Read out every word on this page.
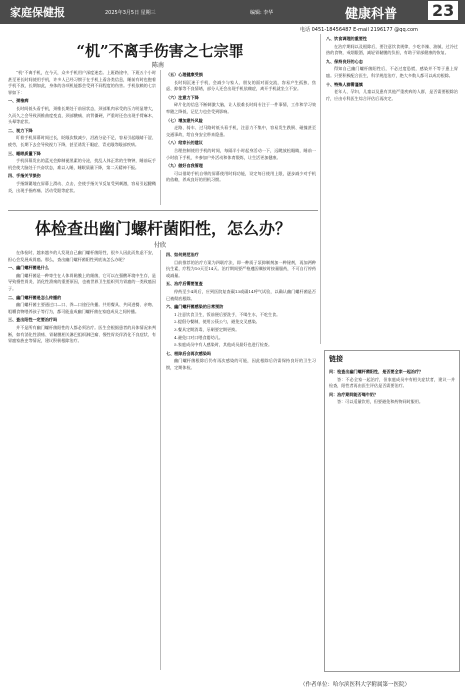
家庭保健报	2025年3月5日 星期三	编辑: 李华	健康科普 23
电话 0451-18456487 E-mail 2196177 @qq.com
“机”不离手伤害之七宗罪
陈南

“机”不离手机，在今天，众多手机用户深度迷恋。上班路途中，下班五个小时甚至更长时间使用手机，许多人已经习惯于在手机上看各类信息，睡前有时也抱着手机不放，长期如此，身体的各项机能都会受到不同程度的伤害。手机依赖的七宗罪如下：

一、颈椎病

长时间低头看手机，颈椎长期处于前屈状态，颈部肌肉承受的压力明显增大，久而久之会导致颈椎曲度变直、颈部酸痛、肩背僵硬，严重时还会出现手臂麻木、头晕等症状。

二、视力下降

盯着手机屏幕时间过长，眨眼次数减少，泪液分泌不足，容易引起眼睛干涩、疲劳，长期下去会导致视力下降，甚至诱发干眼症、青光眼等眼部疾病。

三、睡眠质量下降

手机屏幕发出的蓝光会抑制褪黑素的分泌，扰乱人体正常的生物钟，睡前玩手机会使大脑处于兴奋状态，难以入睡，睡眠质量下降，第二天精神不振。

四、手指关节损伤

手指频繁地在屏幕上滑动、点击，会使手指关节反复受到刺激，容易引起腱鞘炎，出现手指疼痛、活动受限等症状。

（五）心理健康受损

长时间沉迷于手机，会减少与家人、朋友的面对面交流，容易产生孤独、焦虑、抑郁等不良情绪，部分人还会出现手机依赖症，离开手机就坐立不安。

（六）注意力下降

碎片化的信息不断刺激大脑，让人很难长时间专注于一件事情，工作和学习效率随之降低，记忆力也会受到影响。

（七）增加意外风险

走路、骑车、过马路时低头看手机，注意力不集中，容易发生跌倒、碰撞甚至交通事故，给自身安全带来隐患。

（八）给家长的建议

合理控制使用手机的时间，每隔半小时起身活动一下，远眺放松眼睛，睡前一小时放下手机，多参加户外活动和体育锻炼，让生活更加健康。

（九）做好自我管理

可以借助手机自带的屏幕使用时间功能，设定每日使用上限，逐步减少对手机的依赖，养成良好的用机习惯。

八、饮食调理的重要性

在治疗期间以及根除后，要注意饮食规律，少吃辛辣、油腻、过冷过热的食物，戒烟限酒，减轻胃黏膜的负担，有助于胃部健康的恢复。

九、保持良好的心态

得知自己幽门螺杆菌阳性后，不必过度恐慌，感染并不等于患上胃癌。只要积极配合医生，科学规范治疗，绝大多数人都可以成功根除。

十、特殊人群需谨慎

老年人、孕妇、儿童以及患有其他严重疾病的人群，是否需要根除治疗，应由专科医生综合评估后再决定。

体检查出幽门螺杆菌阳性，怎么办？
付欣

在体检时，越来越多的人发现自己幽门螺杆菌阳性，很多人因此而焦虑不安，担心会发展成胃癌。那么，查出幽门螺杆菌阳性到底该怎么办呢？

一、幽门螺杆菌是什么

幽门螺杆菌是一种寄生在人体胃黏膜上的细菌，它可以在强酸环境中生存，是导致慢性胃炎、消化性溃疡的重要原因，也被世界卫生组织列为胃癌的一类致癌因子。

二、幽门螺杆菌是怎么传播的

幽门螺杆菌主要通过口—口、粪—口途径传播。共用餐具、共同进餐、亲吻、咀嚼食物喂养孩子等行为，都可能造成幽门螺杆菌在家庭成员之间传播。

三、查出阳性一定要治疗吗

并不是所有幽门螺杆菌阳性的人都必须治疗。医生会根据患者的具体情况来判断，如有消化性溃疡、胃黏膜相关淋巴组织淋巴瘤、慢性胃炎伴消化不良症状、有胃癌家族史等情况，建议积极根除治疗。

四、如何规范治疗

目前推荐的治疗方案为四联疗法，即一种质子泵抑制剂加一种铋剂，再加两种抗生素，疗程为10天至14天。治疗期间要严格遵医嘱按时按量服药，不可自行停药或减量。

五、治疗后需要复查

停药至少4周后，应到医院复查碳13或碳14呼气试验，以确认幽门螺杆菌是否已被彻底根除。

六、幽门螺杆菌感染的日常预防

1.注意饮食卫生，饭前便后要洗手，不喝生水，不吃生食。

2.提倡分餐制，使用公筷公勺，避免交叉感染。

3.餐具定期消毒，牙刷要定期更换。

4.避免口对口喂食婴幼儿。

5.家庭成员中有人感染时，其他成员最好也进行检查。

七、根除后会再次感染吗

幽门螺杆菌根除后仍有再次感染的可能，因此根除后仍需保持良好的卫生习惯，定期体检。

链接

问：检查出幽门螺杆菌阳性，是否要全家一起治疗？

答：不必全家一起治疗，但家庭成员中有相关症状者，建议一并检查，阳性者再由医生评估是否需要治疗。

问：治疗期间能否喝牛奶？

答：可以适量饮用，但要避免和药物同时服用。

（作者单位：哈尔滨医科大学附属第一医院）
